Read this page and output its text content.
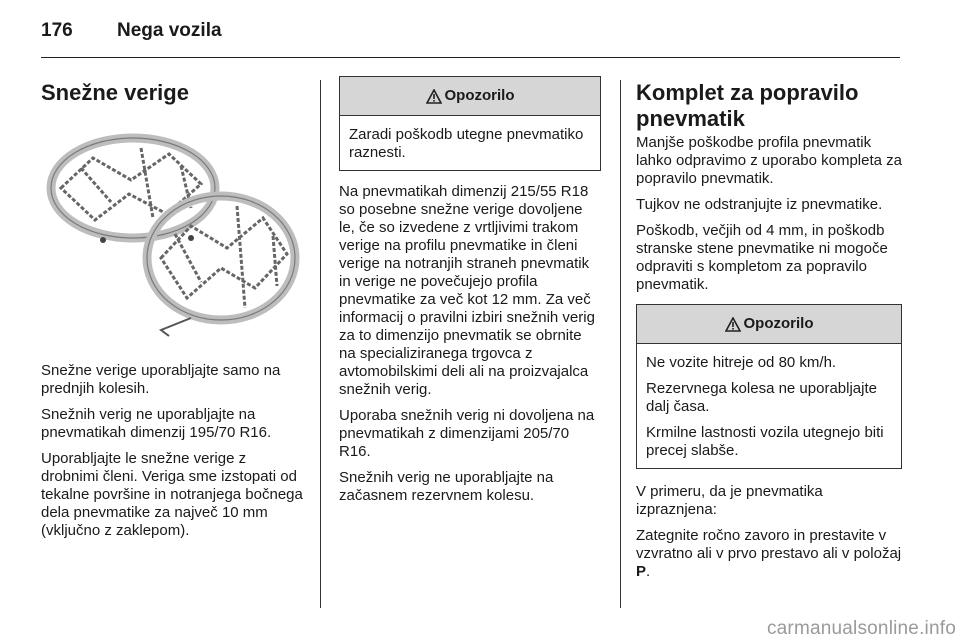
176	Nega vozila
Snežne verige

Snežne verige uporabljajte samo na prednjih kolesih.

Snežnih verig ne uporabljajte na pnevmatikah dimenzij 195/70 R16.

Uporabljajte le snežne verige z drobnimi členi. Veriga sme izstopati od tekalne površine in notranjega bočnega dela pnevmatike za največ 10 mm (vključno z zaklepom).

Opozorilo

Zaradi poškodb utegne pnevmatiko raznesti.

Na pnevmatikah dimenzij 215/55 R18 so posebne snežne verige dovoljene le, če so izvedene z vrtljivimi trakom verige na profilu pnevmatike in členi verige na notranjih straneh pnevmatik in verige ne povečujejo profila pnevmatike za več kot 12 mm. Za več informacij o pravilni izbiri snežnih verig za to dimenzijo pnevmatik se obrnite na specializiranega trgovca z avtomobilskimi deli ali na proizvajalca snežnih verig.

Uporaba snežnih verig ni dovoljena na pnevmatikah z dimenzijami 205/70 R16.

Snežnih verig ne uporabljajte na začasnem rezervnem kolesu.

Komplet za popravilo pnevmatik

Manjše poškodbe profila pnevmatik lahko odpravimo z uporabo kompleta za popravilo pnevmatik.

Tujkov ne odstranjujte iz pnevmatike.

Poškodb, večjih od 4 mm, in poškodb stranske stene pnevmatike ni mogoče odpraviti s kompletom za popravilo pnevmatik.

Opozorilo

Ne vozite hitreje od 80 km/h.

Rezervnega kolesa ne uporabljajte dalj časa.

Krmilne lastnosti vozila utegnejo biti precej slabše.

V primeru, da je pnevmatika izpraznjena:

Zategnite ročno zavoro in prestavite v vzvratno ali v prvo prestavo ali v položaj P.

carmanualsonline.info
